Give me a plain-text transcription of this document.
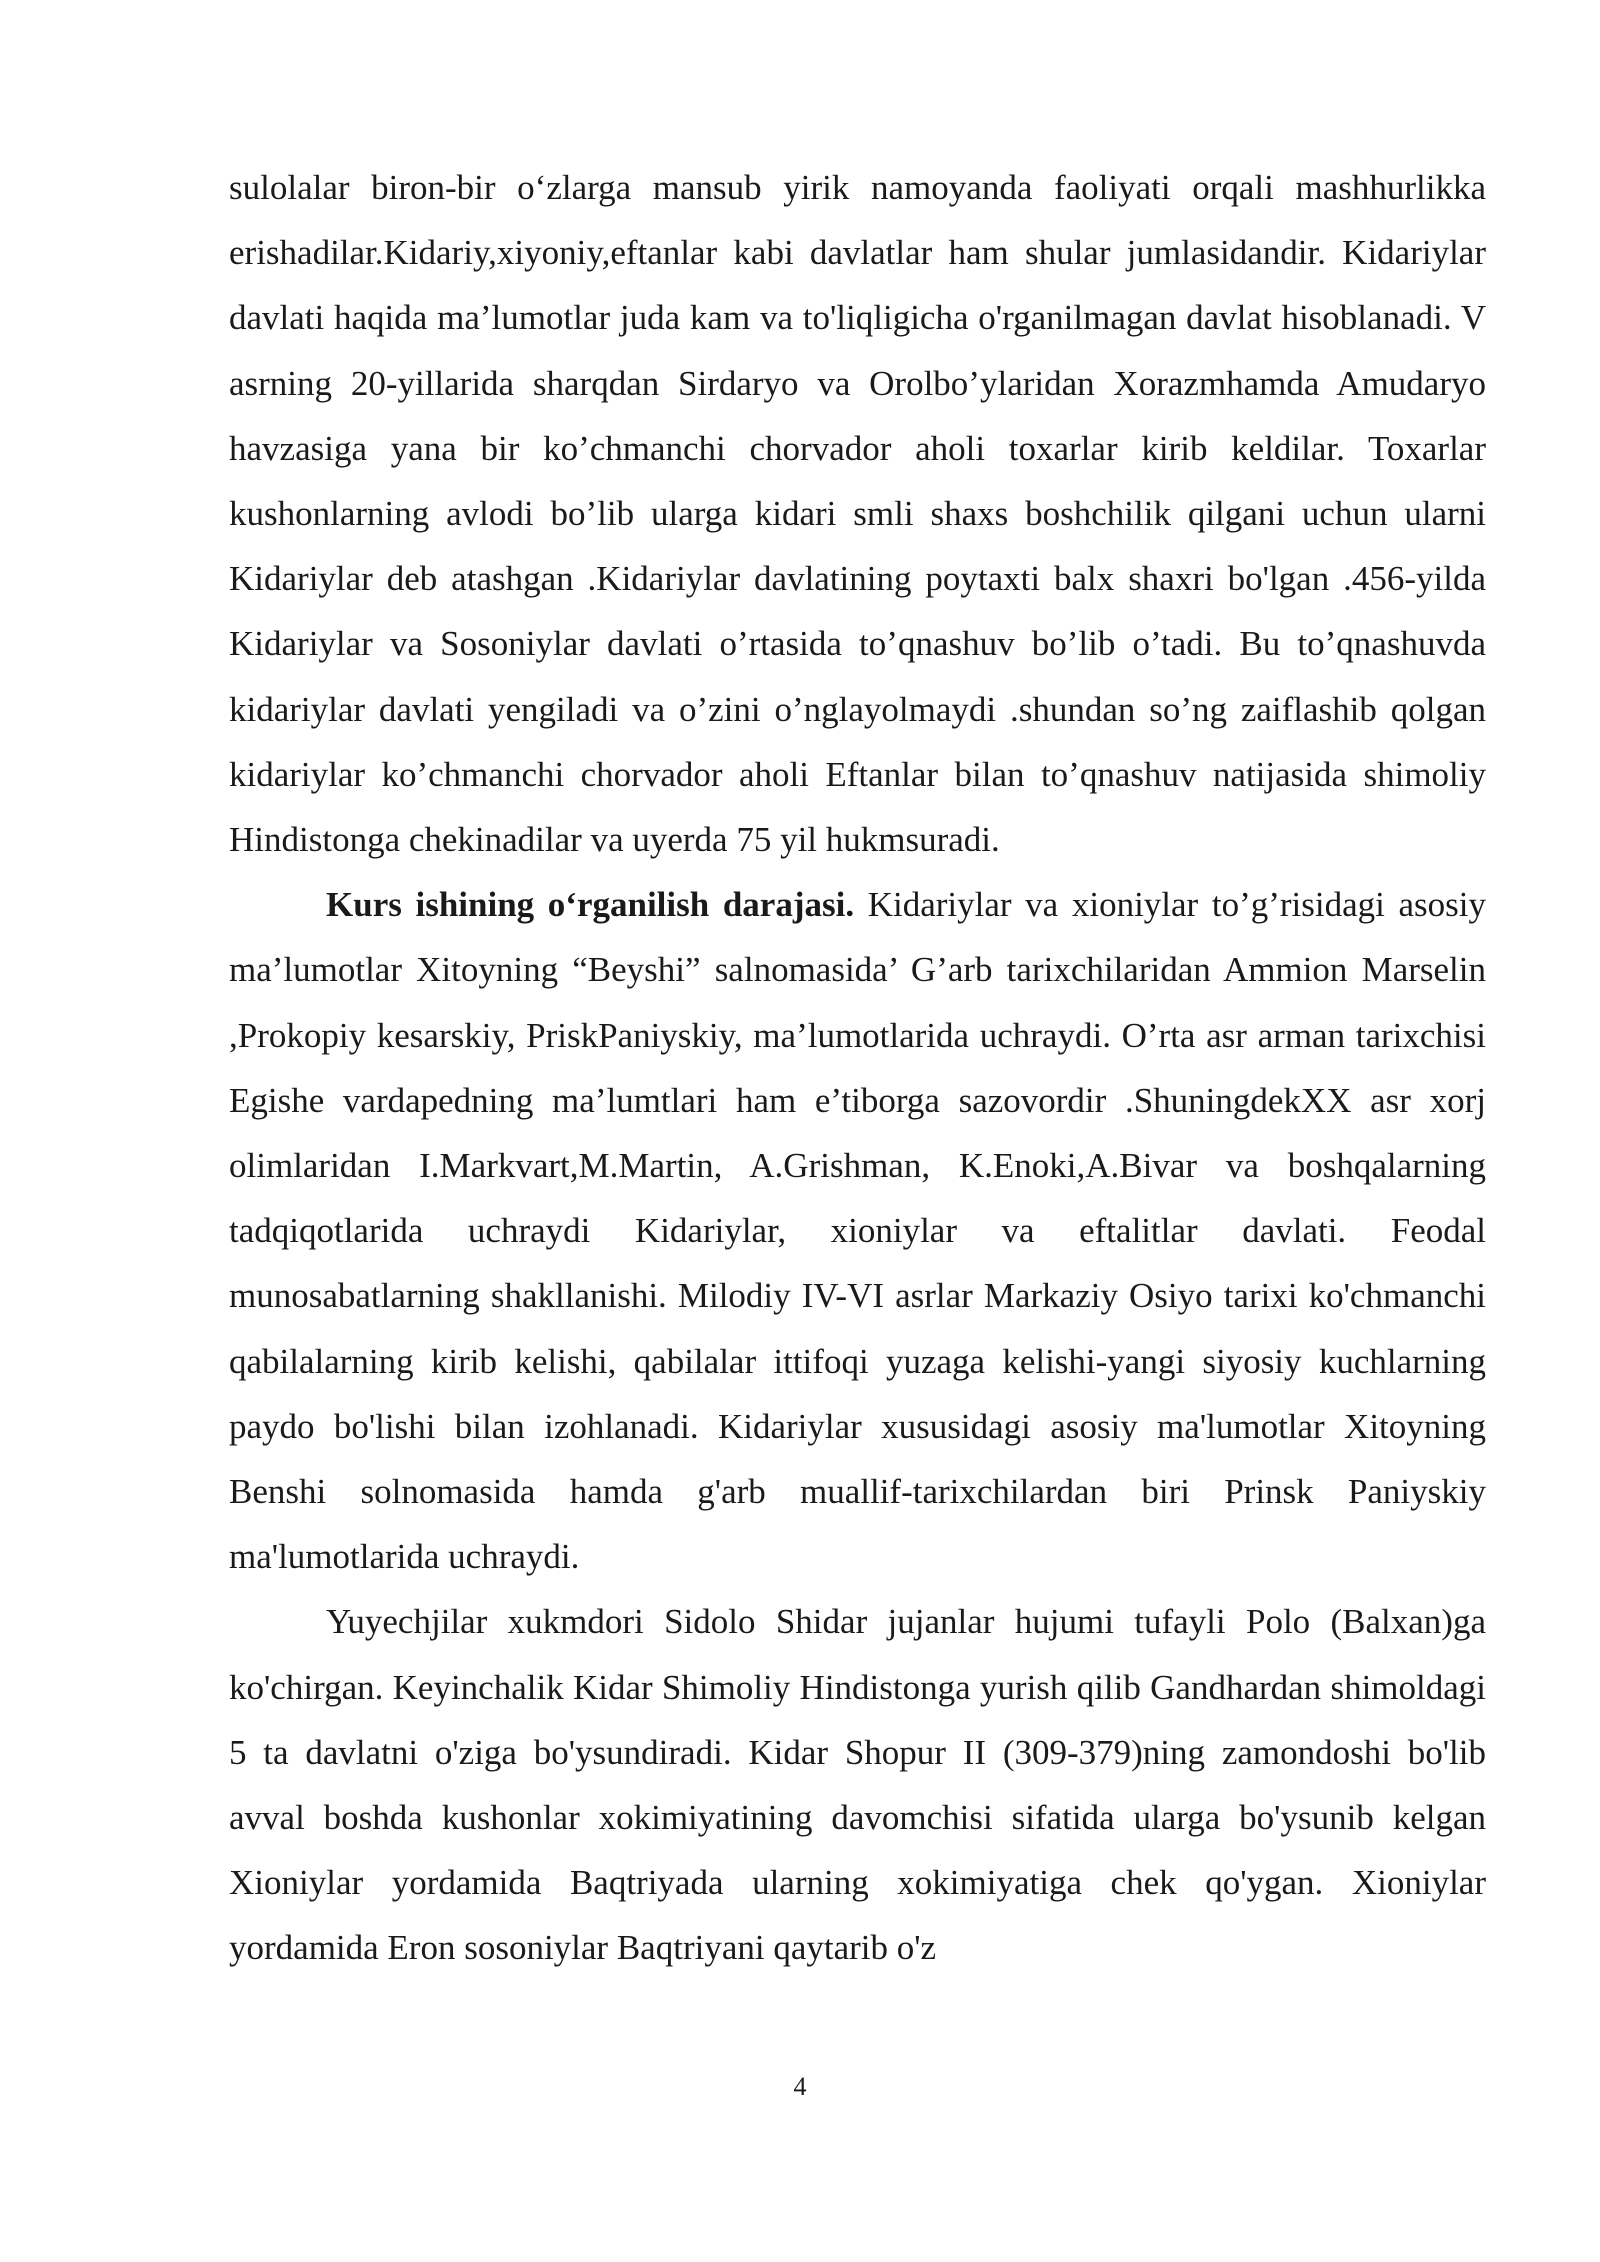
sulolalar biron-bir o‘zlarga mansub yirik namoyanda faoliyati orqali mashhurlikka erishadilar.Kidariy,xiyoniy,eftanlar kabi davlatlar ham shular jumlasidandir. Kidariylar davlati haqida ma’lumotlar juda kam va to'liqligicha o'rganilmagan davlat hisoblanadi. V asrning 20-yillarida sharqdan Sirdaryo va Orolbo’ylaridan Xorazmhamda Amudaryo havzasiga yana bir ko’chmanchi chorvador aholi toxarlar kirib keldilar. Toxarlar kushonlarning avlodi bo’lib ularga kidari smli shaxs boshchilik qilgani uchun ularni Kidariylar deb atashgan .Kidariylar davlatining poytaxti balx shaxri bo'lgan .456-yilda Kidariylar va Sosoniylar davlati o’rtasida to’qnashuv bo’lib o’tadi. Bu to’qnashuvda kidariylar davlati yengiladi va o’zini o’nglayolmaydi .shundan so’ng zaiflashib qolgan kidariylar ko’chmanchi chorvador aholi Eftanlar bilan to’qnashuv natijasida shimoliy Hindistonga chekinadilar va uyerda 75 yil hukmsuradi.

Kurs ishining o‘rganilish darajasi. Kidariylar va xioniylar to’g’risidagi asosiy ma’lumotlar Xitoyning “Beyshi” salnomasida’ G’arb tarixchilaridan Ammion Marselin ,Prokopiy kesarskiy, PriskPaniyskiy, ma’lumotlarida uchraydi. O’rta asr arman tarixchisi Egishe vardapedning ma’lumtlari ham e’tiborga sazovordir .ShuningdekXX asr xorj olimlaridan I.Markvart,M.Martin, A.Grishman, K.Enoki,A.Bivar va boshqalarning tadqiqotlarida uchraydi Kidariylar, xioniylar va eftalitlar davlati. Feodal munosabatlarning shakllanishi. Milodiy IV-VI asrlar Markaziy Osiyo tarixi ko'chmanchi qabilalarning kirib kelishi, qabilalar ittifoqi yuzaga kelishi-yangi siyosiy kuchlarning paydo bo'lishi bilan izohlanadi. Kidariylar xususidagi asosiy ma'lumotlar Xitoyning Benshi solnomasida hamda g'arb muallif-tarixchilardan biri Prinsk Paniyskiy ma'lumotlarida uchraydi.

Yuyechjilar xukmdori Sidolo Shidar jujanlar hujumi tufayli Polo (Balxan)ga ko'chirgan. Keyinchalik Kidar Shimoliy Hindistonga yurish qilib Gandhardan shimoldagi 5 ta davlatni o'ziga bo'ysundiradi. Kidar Shopur II (309-379)ning zamondoshi bo'lib avval boshda kushonlar xokimiyatining davomchisi sifatida ularga bo'ysunib kelgan Xioniylar yordamida Baqtriyada ularning xokimiyatiga chek qo'ygan. Xioniylar yordamida Eron sosoniylar Baqtriyani qaytarib o'z

4
